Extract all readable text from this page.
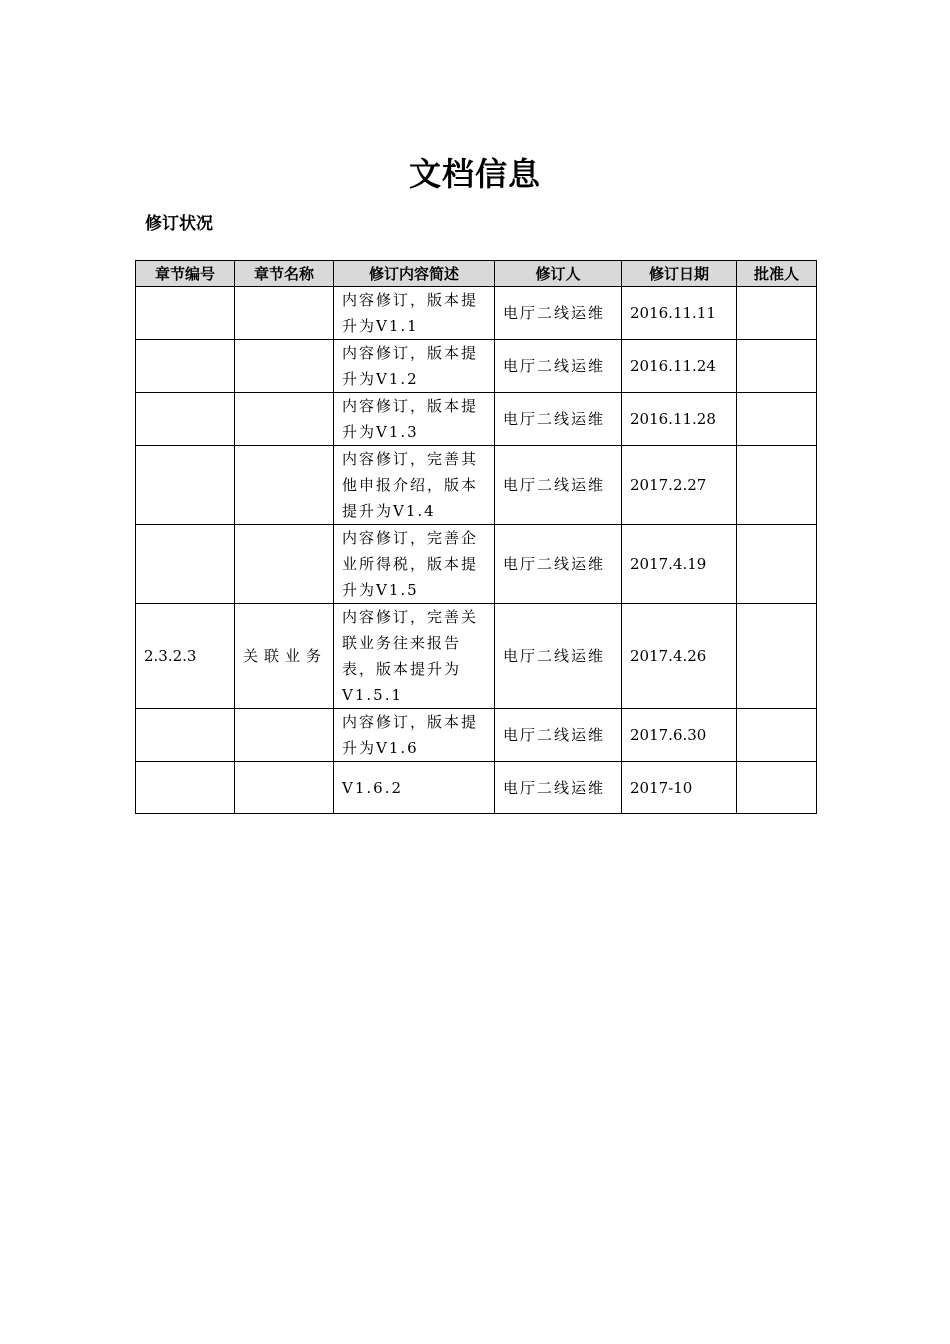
文档信息
修订状况
章节编号	章节名称	修订内容简述	修订人	修订日期	批准人
		内容修订，版本提升为V1.1	电厅二线运维	2016.11.11	
		内容修订，版本提升为V1.2	电厅二线运维	2016.11.24	
		内容修订，版本提升为V1.3	电厅二线运维	2016.11.28	
		内容修订，完善其他申报介绍，版本提升为V1.4	电厅二线运维	2017.2.27	
		内容修订，完善企业所得税，版本提升为V1.5	电厅二线运维	2017.4.19	
2.3.2.3	关联业务	内容修订，完善关联业务往来报告表，版本提升为V1.5.1	电厅二线运维	2017.4.26	
		内容修订，版本提升为V1.6	电厅二线运维	2017.6.30	
		V1.6.2	电厅二线运维	2017-10	
